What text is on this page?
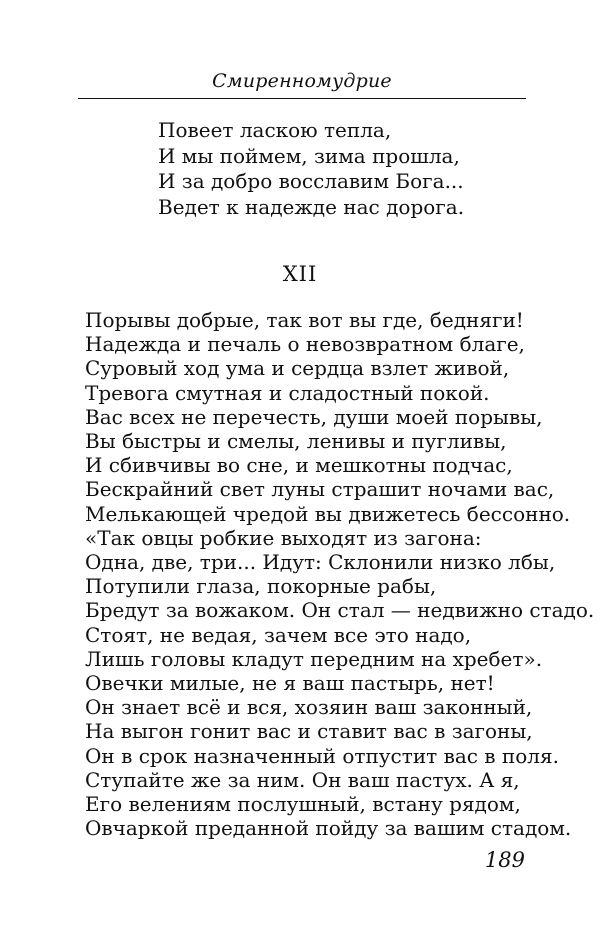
Смиренномудрие
Повеет ласкою тепла,
И мы поймем, зима прошла,
И за добро восславим Бога...
Ведет к надежде нас дорога.
XII
Порывы добрые, так вот вы где, бедняги!
Надежда и печаль о невозвратном благе,
Суровый ход ума и сердца взлет живой,
Тревога смутная и сладостный покой.
Вас всех не перечесть, души моей порывы,
Вы быстры и смелы, ленивы и пугливы,
И сбивчивы во сне, и мешкотны подчас,
Бескрайний свет луны страшит ночами вас,
Мелькающей чредой вы движетесь бессонно.
«Так овцы робкие выходят из загона:
Одна, две, три... Идут: Склонили низко лбы,
Потупили глаза, покорные рабы,
Бредут за вожаком. Он стал — недвижно стадо.
Стоят, не ведая, зачем все это надо,
Лишь головы кладут передним на хребет».
Овечки милые, не я ваш пастырь, нет!
Он знает всё и вся, хозяин ваш законный,
На выгон гонит вас и ставит вас в загоны,
Он в срок назначенный отпустит вас в поля.
Ступайте же за ним. Он ваш пастух. А я,
Его велениям послушный, встану рядом,
Овчаркой преданной пойду за вашим стадом.
189
